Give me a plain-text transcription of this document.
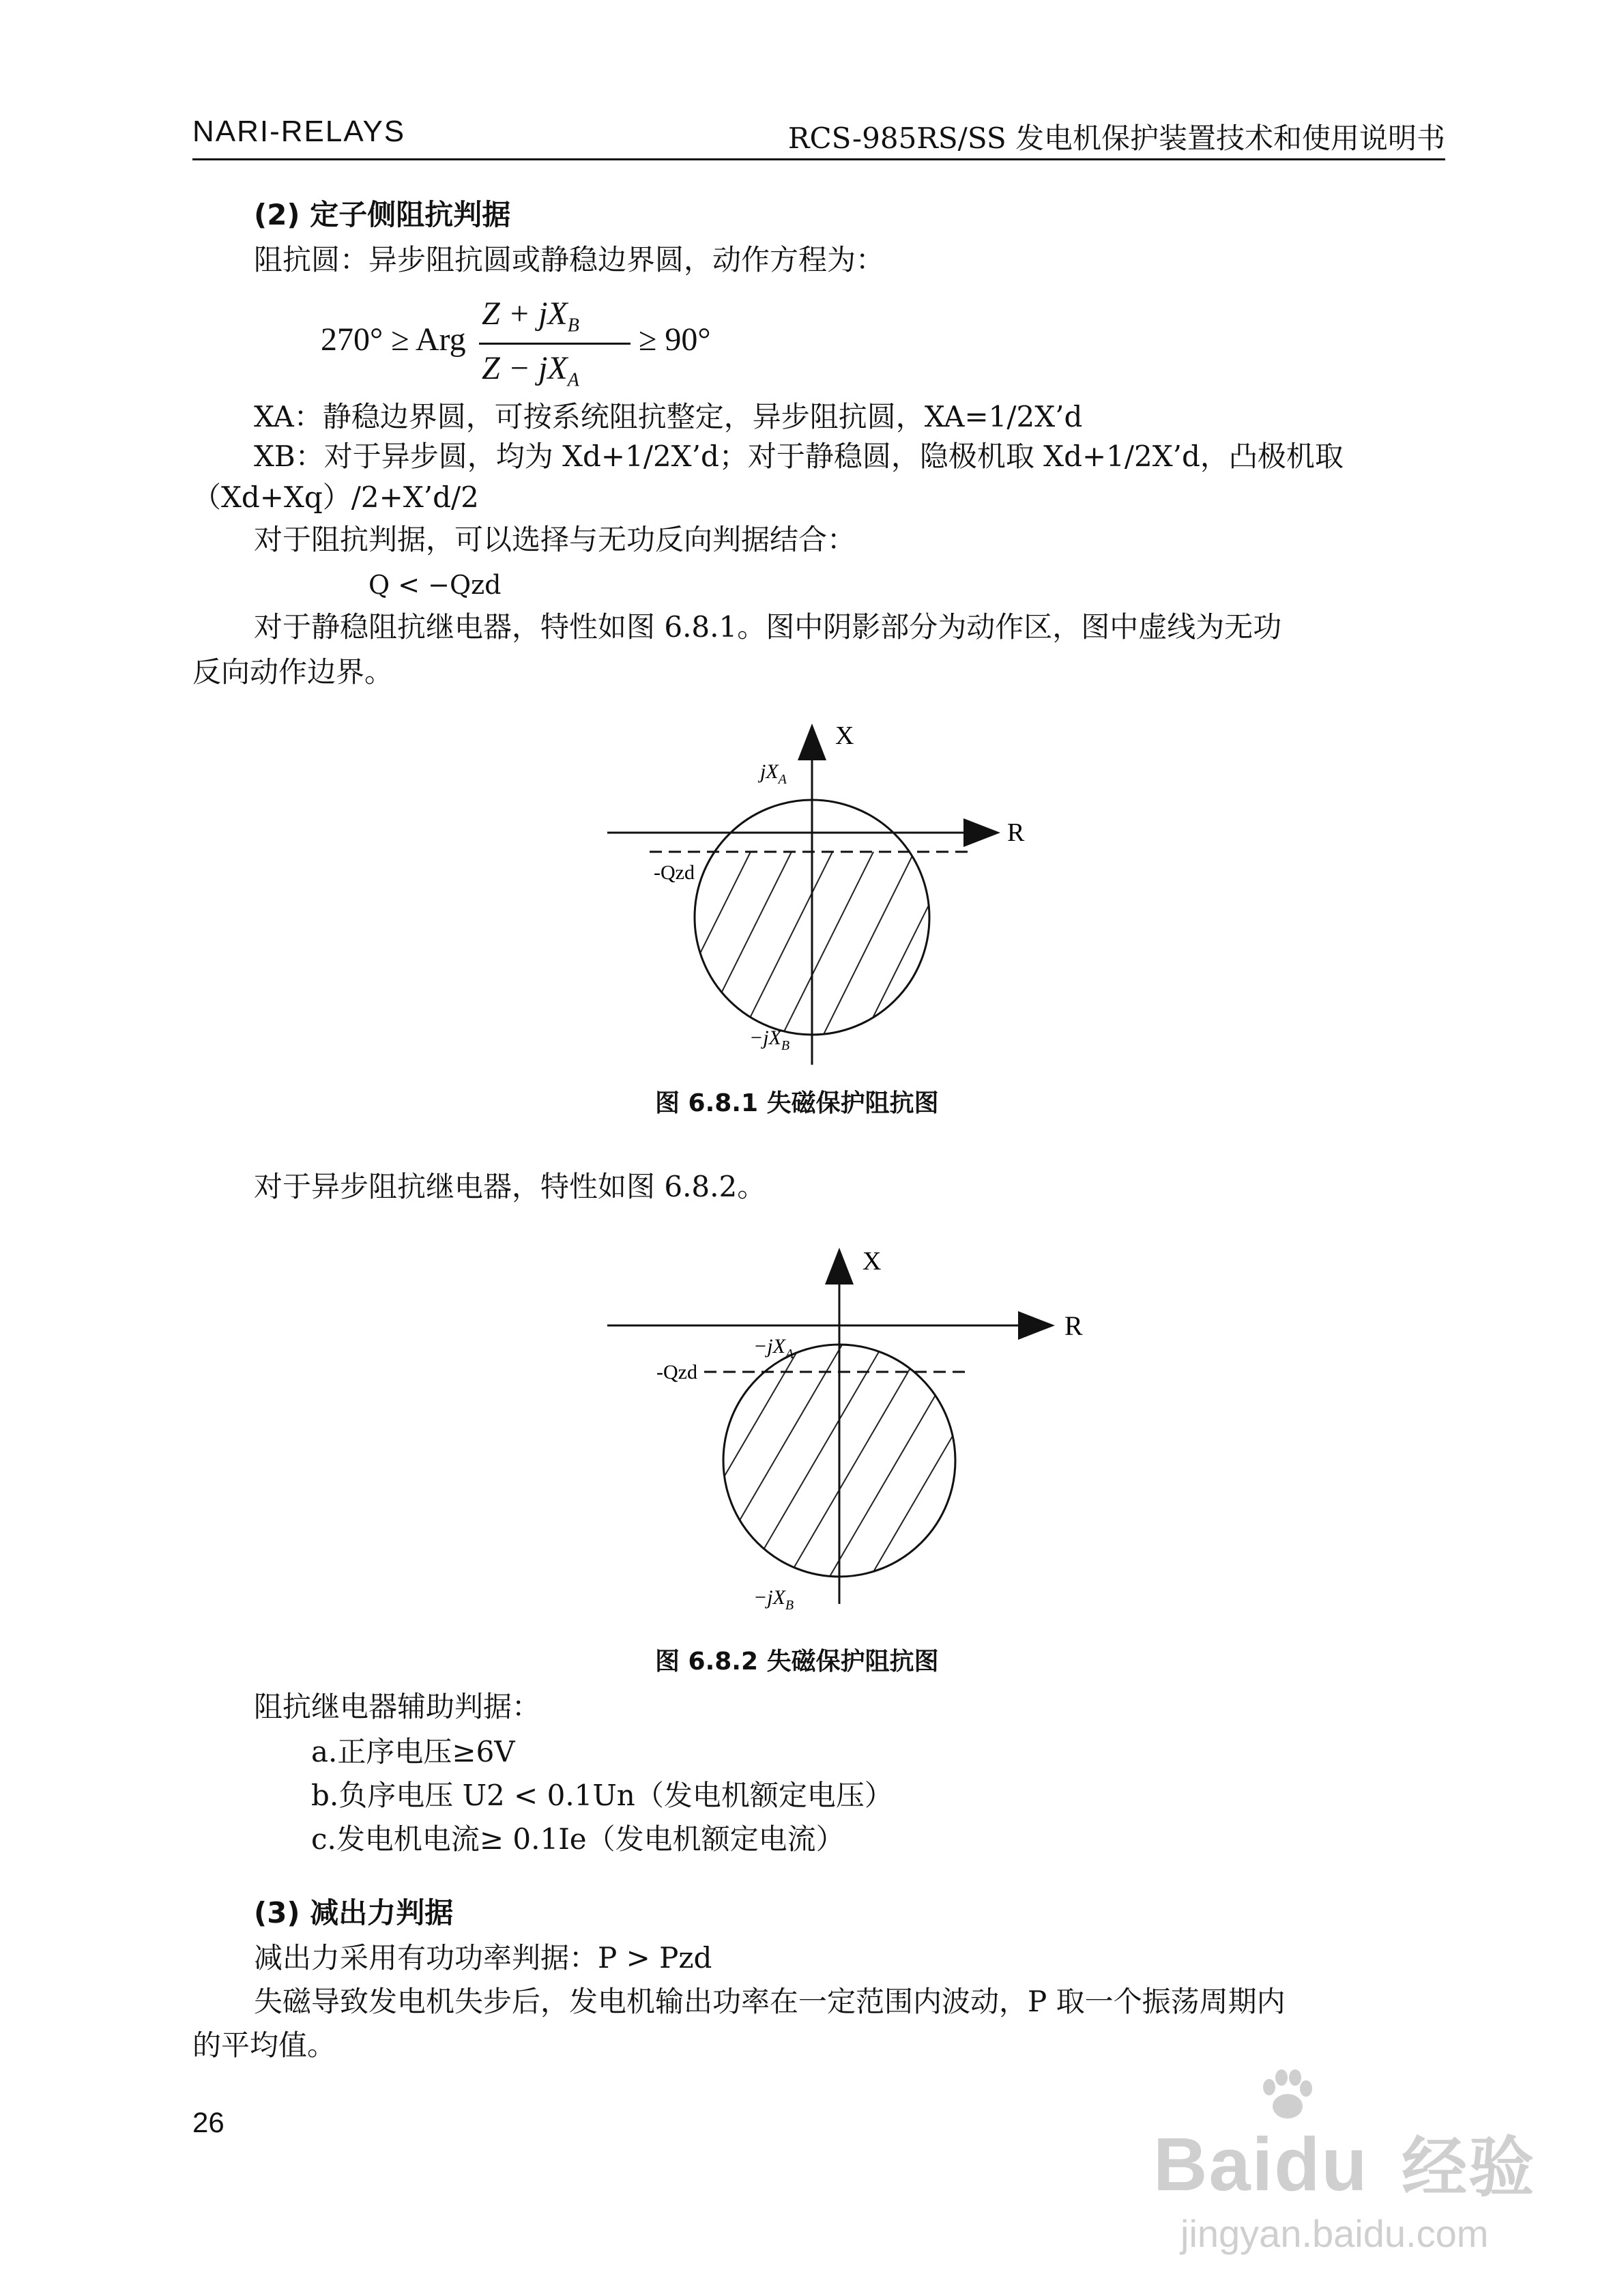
NARI-RELAYS	RCS-985RS/SS 发电机保护装置技术和使用说明书
(2) 定子侧阻抗判据
阻抗圆：异步阻抗圆或静稳边界圆，动作方程为：
270° ≥ Arg
$Z + jX_B$
$Z - jX_A$
≥ 90°
XA：静稳边界圆，可按系统阻抗整定，异步阻抗圆，XA=1/2X’d
XB：对于异步圆，均为 Xd+1/2X’d；对于静稳圆，隐极机取 Xd+1/2X’d，凸极机取
（Xd+Xq）/2+X’d/2
对于阻抗判据，可以选择与无功反向判据结合：
Q < −Qzd
对于静稳阻抗继电器，特性如图 6.8.1。图中阴影部分为动作区，图中虚线为无功
反向动作边界。
X
R
$jX_A$
$-jX_B$
-Qzd
图 6.8.1 失磁保护阻抗图
对于异步阻抗继电器，特性如图 6.8.2。
X
R
$-jX_A$
$-jX_B$
-Qzd
图 6.8.2 失磁保护阻抗图
阻抗继电器辅助判据：
a.正序电压≥6V
b.负序电压 U2 < 0.1Un（发电机额定电压）
c.发电机电流≥ 0.1Ie（发电机额定电流）
(3) 减出力判据
减出力采用有功功率判据：P > Pzd
失磁导致发电机失步后，发电机输出功率在一定范围内波动，P 取一个振荡周期内
的平均值。
26
Baidu 经验
jingyan.baidu.com
